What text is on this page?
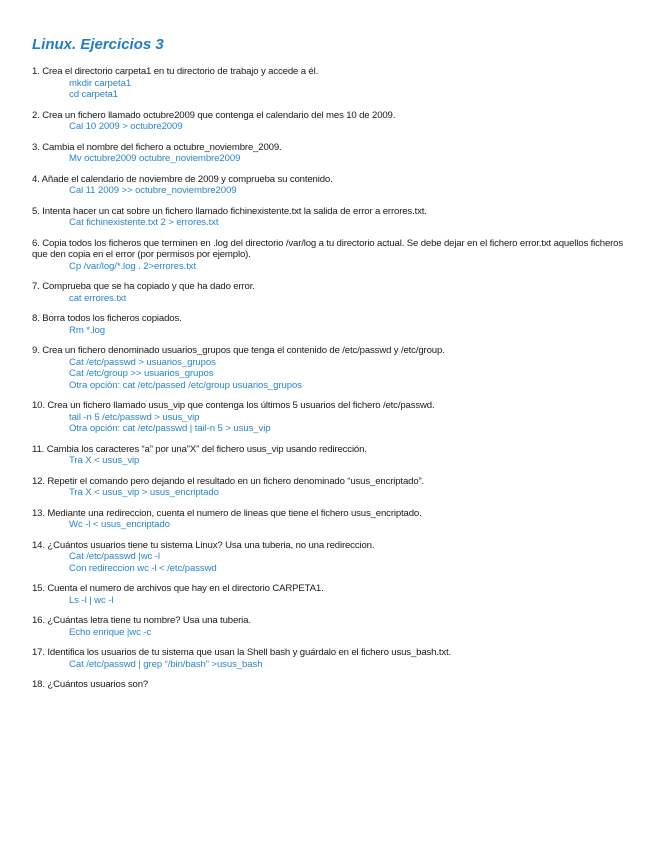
Linux. Ejercicios 3
1. Crea el directorio carpeta1 en tu directorio de trabajo y accede a él.
mkdir carpeta1
cd carpeta1
2. Crea un fichero llamado octubre2009 que contenga el calendario del mes 10 de 2009.
Cal 10 2009 > octubre2009
3. Cambia el nombre del fichero a octubre_noviembre_2009.
Mv octubre2009 octubre_noviembre2009
4. Añade el calendario de noviembre de 2009 y comprueba su contenido.
Cal 11 2009 >> octubre_noviembre2009
5. Intenta hacer un cat sobre un fichero llamado fichinexistente.txt la salida de error a errores.txt.
Cat fichinexistente.txt 2 > errores.txt
6. Copia todos los ficheros que terminen en .log del directorio /var/log a tu directorio actual. Se debe dejar en el fichero error.txt aquellos ficheros que den copia en el error (por permisos por ejemplo).
Cp /var/log/*.log . 2>errores.txt
7. Comprueba que se ha copiado y que ha dado error.
cat errores.txt
8. Borra todos los ficheros copiados.
Rm *.log
9. Crea un fichero denominado usuarios_grupos que tenga el contenido de /etc/passwd y /etc/group.
Cat /etc/passwd > usuarios_grupos
Cat /etc/group >> usuarios_grupos
Otra opción: cat /etc/passed /etc/group usuarios_grupos
10. Crea un fichero llamado usus_vip que contenga los últimos 5 usuarios del fichero /etc/passwd.
tail -n 5 /etc/passwd > usus_vip
Otra opción: cat /etc/passwd | tail-n 5 > usus_vip
11. Cambia los caracteres “a” por una”X” del fichero usus_vip usando redirección.
Tra X < usus_vip
12. Repetir el comando pero dejando el resultado en un fichero denominado “usus_encriptado”.
Tra X < usus_vip > usus_encriptado
13. Mediante una redireccion, cuenta el numero de lineas que tiene el fichero usus_encriptado.
Wc -l < usus_encriptado
14. ¿Cuántos usuarios tiene tu sistema Linux? Usa una tuberia, no una redireccion.
Cat /etc/passwd |wc -l
Con redireccion wc -l < /etc/passwd
15. Cuenta el numero de archivos que hay en el directorio CARPETA1.
Ls -l | wc -l
16. ¿Cuántas letra tiene tu nombre? Usa una tuberia.
Echo enrique |wc -c
17. Identifica los usuarios de tu sistema que usan la Shell bash y guárdalo en el fichero usus_bash.txt.
Cat /etc/passwd | grep “/bin/bash” >usus_bash
18. ¿Cuántos usuarios son?
